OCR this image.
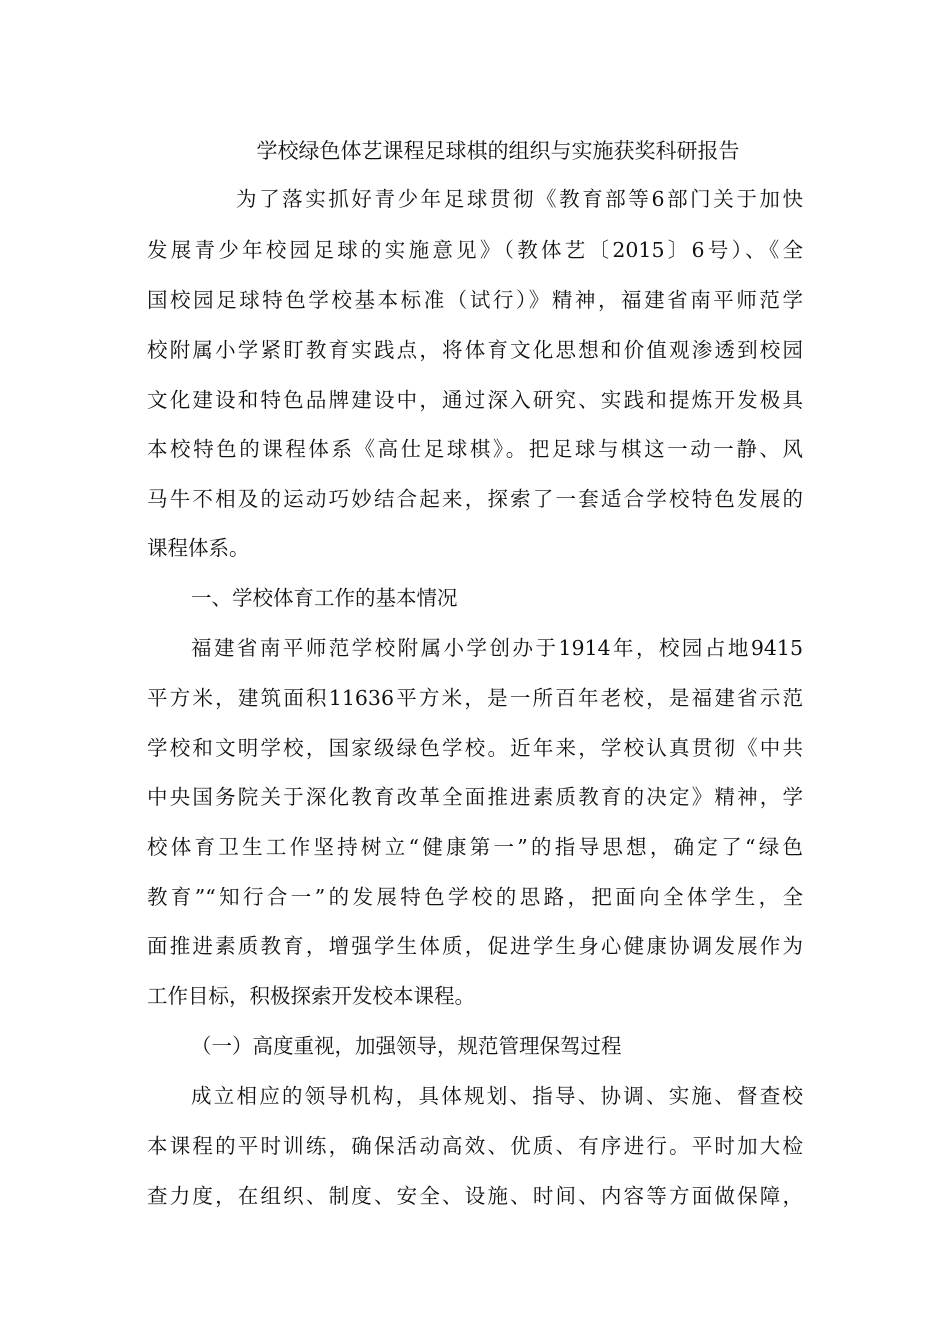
学校绿色体艺课程足球棋的组织与实施获奖科研报告
为了落实抓好青少年足球贯彻《教育部等6部门关于加快
发展青少年校园足球的实施意见》（教体艺〔2015〕6号）、《全
国校园足球特色学校基本标准（试行）》精神，福建省南平师范学
校附属小学紧盯教育实践点，将体育文化思想和价值观渗透到校园
文化建设和特色品牌建设中，通过深入研究、实践和提炼开发极具
本校特色的课程体系《高仕足球棋》。把足球与棋这一动一静、风
马牛不相及的运动巧妙结合起来，探索了一套适合学校特色发展的
课程体系。
一、学校体育工作的基本情况
福建省南平师范学校附属小学创办于1914年，校园占地9415
平方米，建筑面积11636平方米，是一所百年老校，是福建省示范
学校和文明学校，国家级绿色学校。近年来，学校认真贯彻《中共
中央国务院关于深化教育改革全面推进素质教育的决定》精神，学
校体育卫生工作坚持树立“健康第一”的指导思想，确定了“绿色
教育”“知行合一”的发展特色学校的思路，把面向全体学生，全
面推进素质教育，增强学生体质，促进学生身心健康协调发展作为
工作目标，积极探索开发校本课程。
（一）高度重视，加强领导，规范管理保驾过程
成立相应的领导机构，具体规划、指导、协调、实施、督查校
本课程的平时训练，确保活动高效、优质、有序进行。平时加大检
查力度，在组织、制度、安全、设施、时间、内容等方面做保障，
